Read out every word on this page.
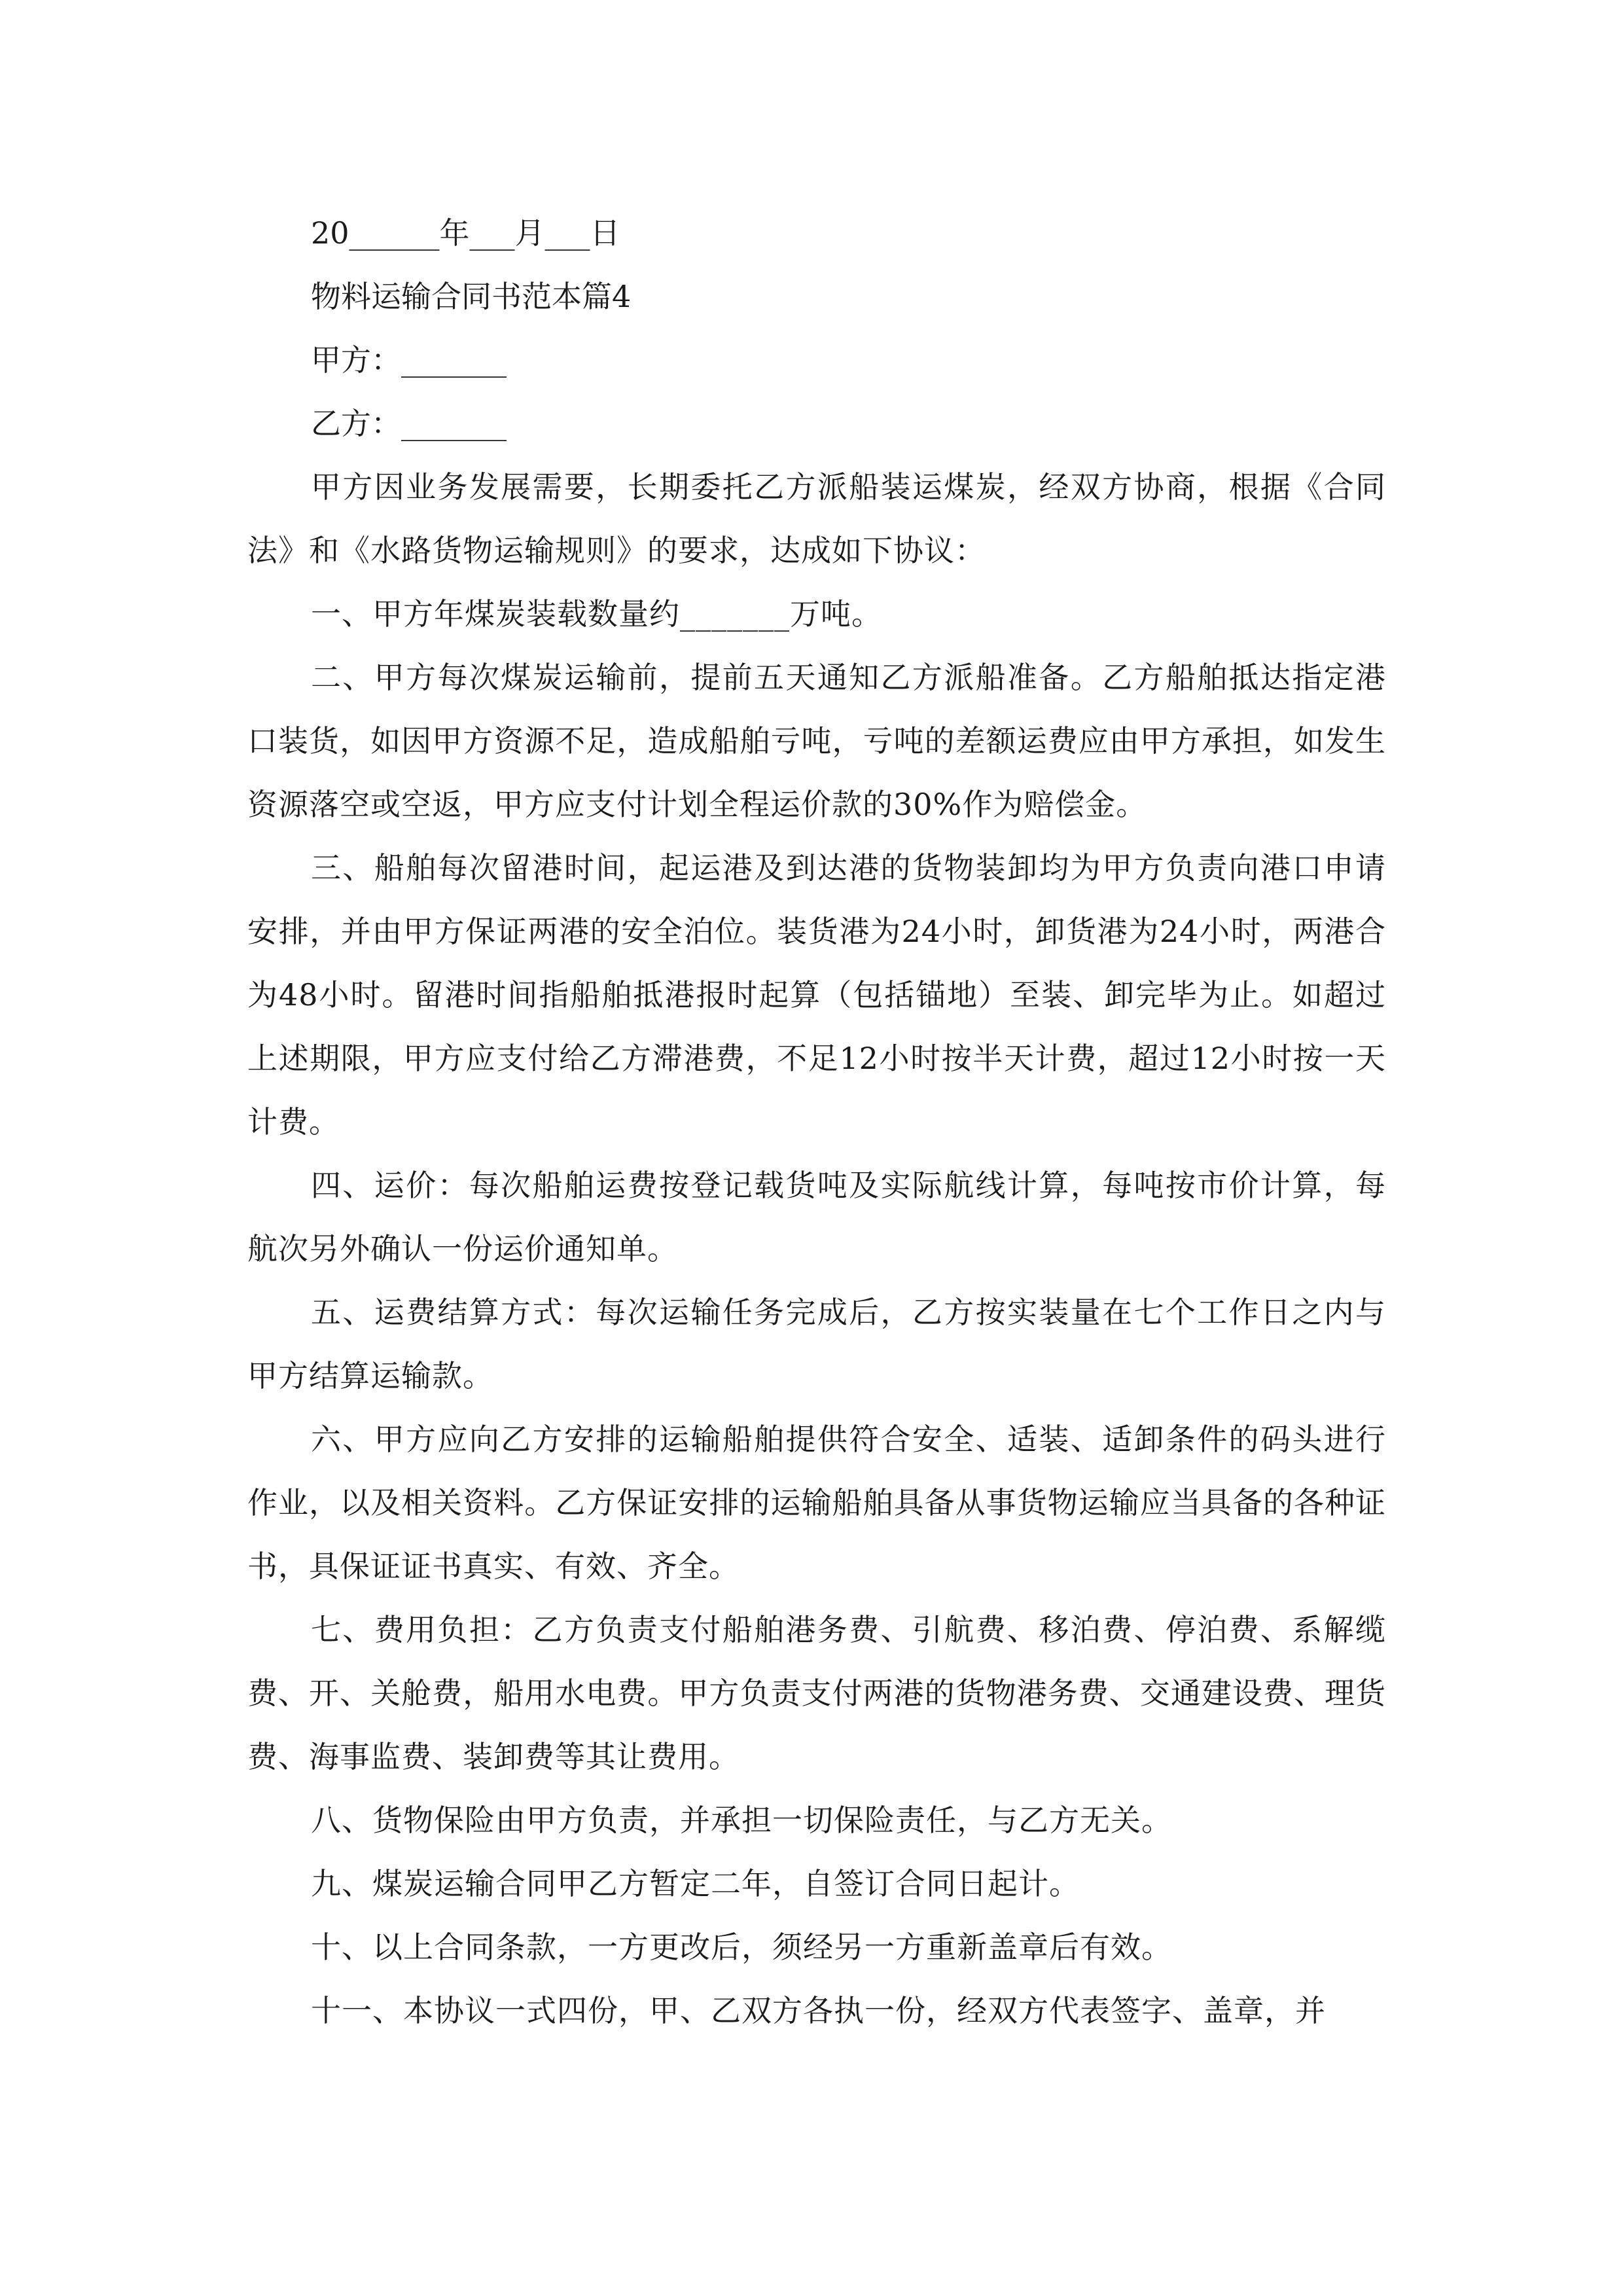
20______年___月___日

物料运输合同书范本篇4

甲方：_______

乙方：_______

甲方因业务发展需要，长期委托乙方派船装运煤炭，经双方协商，根据《合同法》和《水路货物运输规则》的要求，达成如下协议：

一、甲方年煤炭装载数量约_______万吨。

二、甲方每次煤炭运输前，提前五天通知乙方派船准备。乙方船舶抵达指定港口装货，如因甲方资源不足，造成船舶亏吨，亏吨的差额运费应由甲方承担，如发生资源落空或空返，甲方应支付计划全程运价款的30%作为赔偿金。

三、船舶每次留港时间，起运港及到达港的货物装卸均为甲方负责向港口申请安排，并由甲方保证两港的安全泊位。装货港为24小时，卸货港为24小时，两港合为48小时。留港时间指船舶抵港报时起算（包括锚地）至装、卸完毕为止。如超过上述期限，甲方应支付给乙方滞港费，不足12小时按半天计费，超过12小时按一天计费。

四、运价：每次船舶运费按登记载货吨及实际航线计算，每吨按市价计算，每航次另外确认一份运价通知单。

五、运费结算方式：每次运输任务完成后，乙方按实装量在七个工作日之内与甲方结算运输款。

六、甲方应向乙方安排的运输船舶提供符合安全、适装、适卸条件的码头进行作业，以及相关资料。乙方保证安排的运输船舶具备从事货物运输应当具备的各种证书，具保证证书真实、有效、齐全。

七、费用负担：乙方负责支付船舶港务费、引航费、移泊费、停泊费、系解缆费、开、关舱费，船用水电费。甲方负责支付两港的货物港务费、交通建设费、理货费、海事监费、装卸费等其让费用。

八、货物保险由甲方负责，并承担一切保险责任，与乙方无关。

九、煤炭运输合同甲乙方暂定二年，自签订合同日起计。

十、以上合同条款，一方更改后，须经另一方重新盖章后有效。

十一、本协议一式四份，甲、乙双方各执一份，经双方代表签字、盖章，并
